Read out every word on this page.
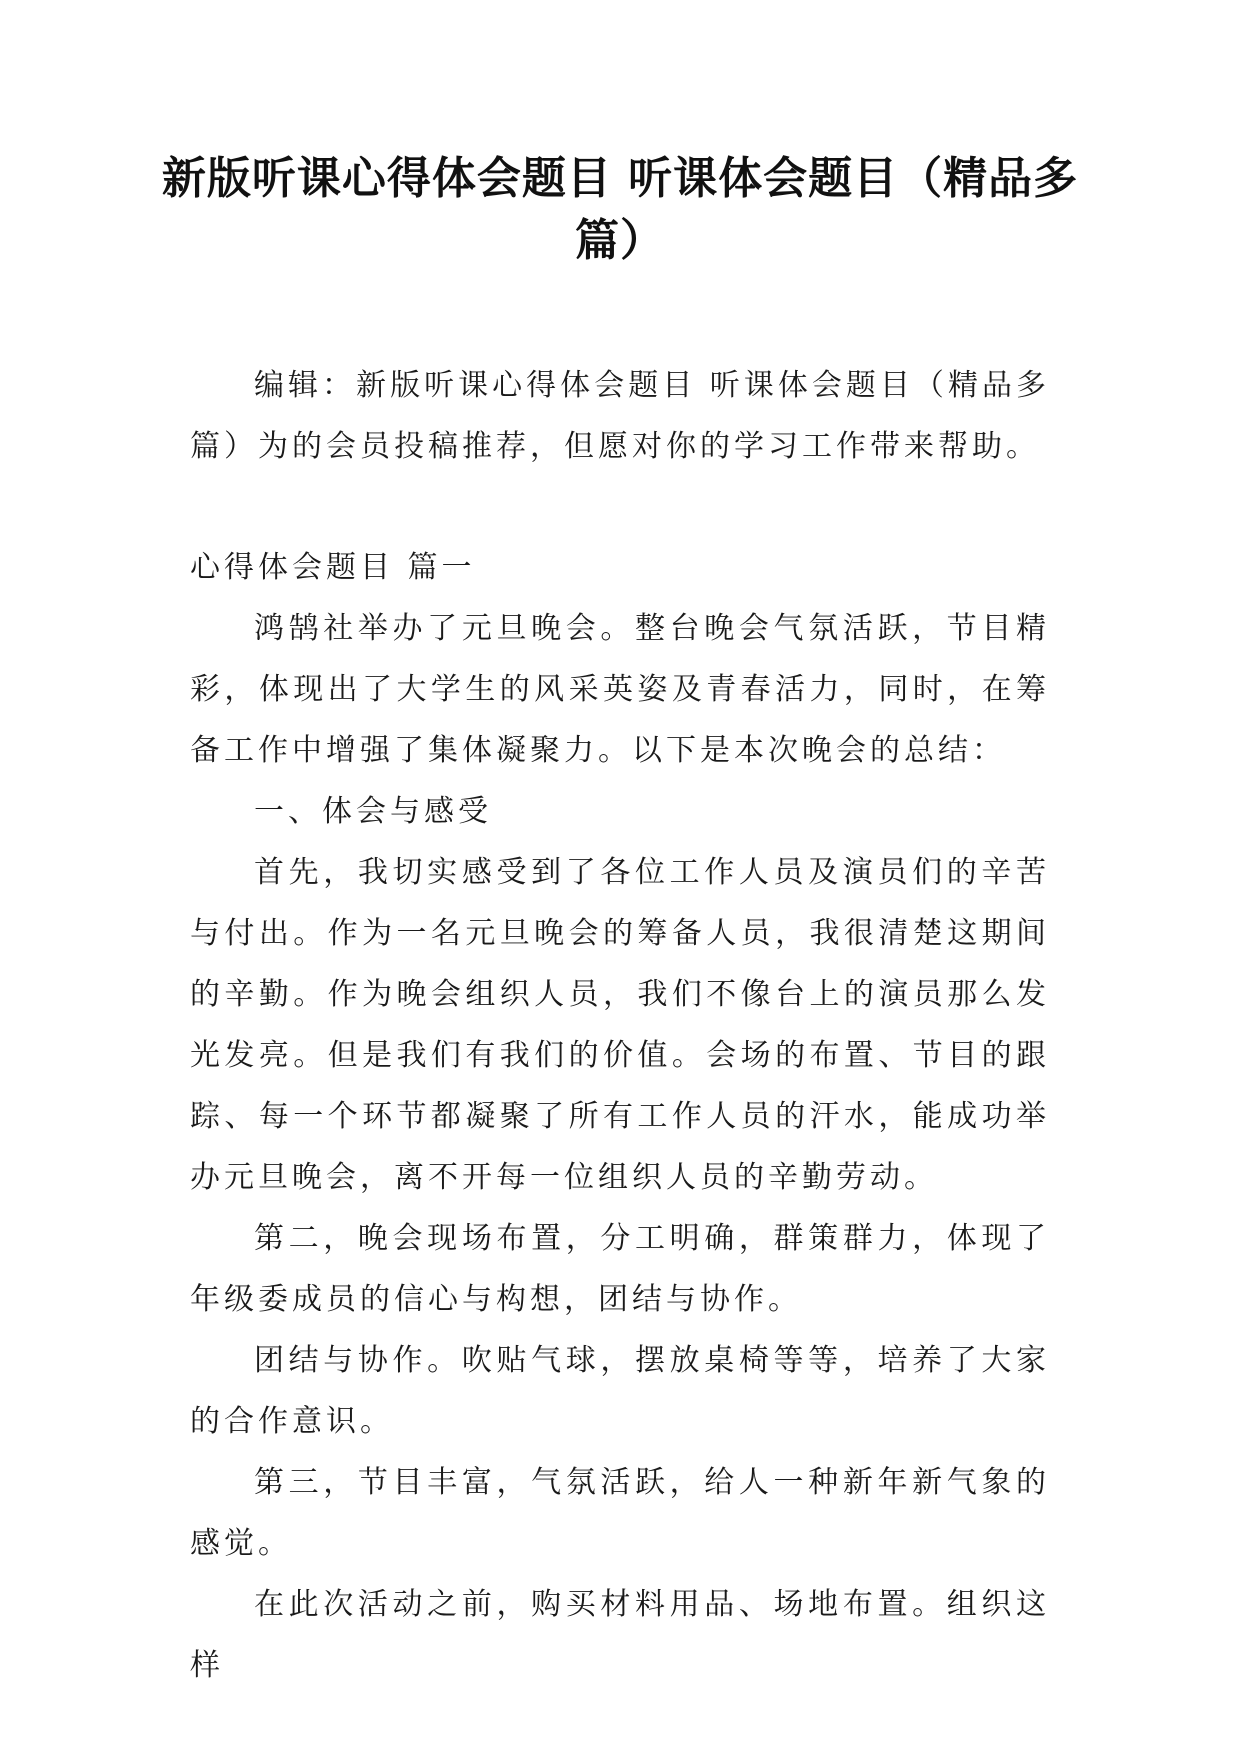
新版听课心得体会题目 听课体会题目（精品多篇）

编辑：新版听课心得体会题目 听课体会题目（精品多篇）为的会员投稿推荐，但愿对你的学习工作带来帮助。

心得体会题目 篇一

鸿鹄社举办了元旦晚会。整台晚会气氛活跃，节目精彩，体现出了大学生的风采英姿及青春活力，同时，在筹备工作中增强了集体凝聚力。以下是本次晚会的总结：

一、体会与感受

首先，我切实感受到了各位工作人员及演员们的辛苦与付出。作为一名元旦晚会的筹备人员，我很清楚这期间的辛勤。作为晚会组织人员，我们不像台上的演员那么发光发亮。但是我们有我们的价值。会场的布置、节目的跟踪、每一个环节都凝聚了所有工作人员的汗水，能成功举办元旦晚会，离不开每一位组织人员的辛勤劳动。

第二，晚会现场布置，分工明确，群策群力，体现了年级委成员的信心与构想，团结与协作。

团结与协作。吹贴气球，摆放桌椅等等，培养了大家的合作意识。

第三，节目丰富，气氛活跃，给人一种新年新气象的感觉。

在此次活动之前，购买材料用品、场地布置。组织这样
